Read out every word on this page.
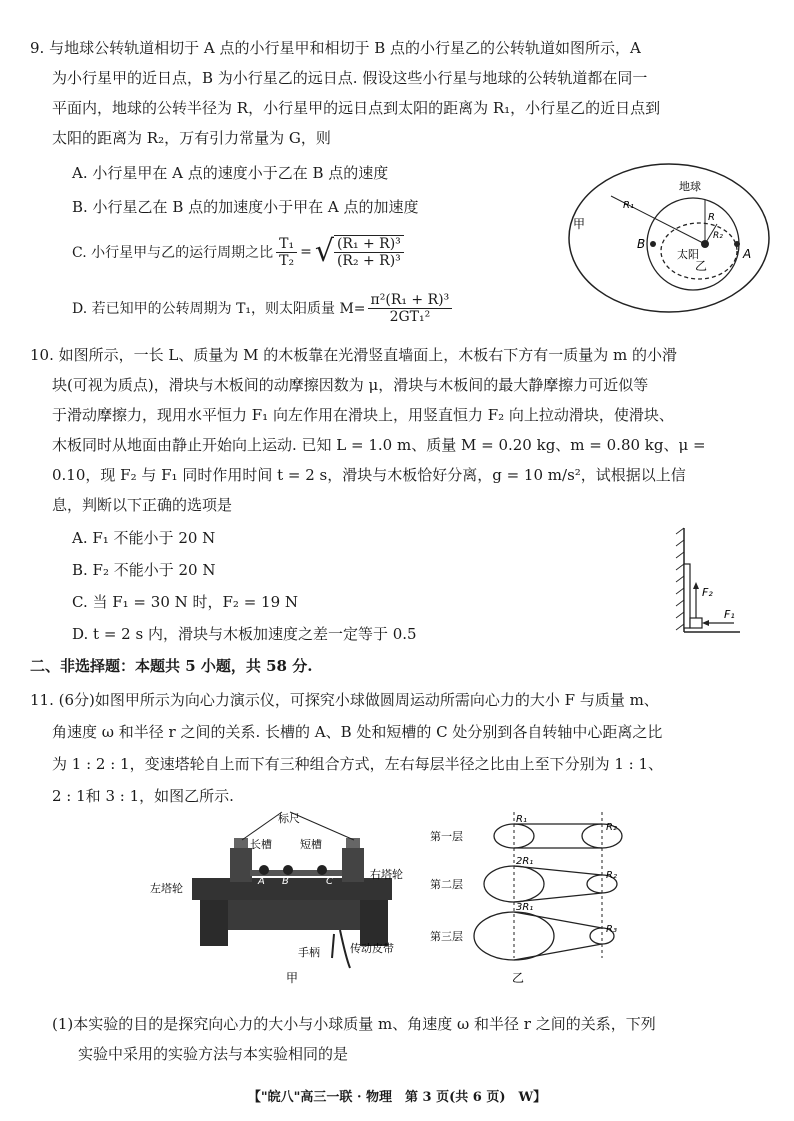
9. 与地球公转轨道相切于 A 点的小行星甲和相切于 B 点的小行星乙的公转轨道如图所示，A
为小行星甲的近日点，B 为小行星乙的远日点. 假设这些小行星与地球的公转轨道都在同一
平面内，地球的公转半径为 R，小行星甲的远日点到太阳的距离为 R₁，小行星乙的近日点到
太阳的距离为 R₂，万有引力常量为 G，则
A. 小行星甲在 A 点的速度小于乙在 B 点的速度
B. 小行星乙在 B 点的加速度小于甲在 A 点的加速度
C. 小行星甲与乙的运行周期之比 $\frac{\text{T₁}}{\text{T₂}}$ = √ $\frac{\text{(R₁ + R)³}}{\text{(R₂ + R)³}}$
D. 若已知甲的公转周期为 T₁，则太阳质量 $M= \frac{\text{π²(R₁ + R)³}}{\text{2GT₁²}}$
地球
甲
乙
太阳	A
B
R
R₁
R₂
10. 如图所示，一长 L、质量为 M 的木板靠在光滑竖直墙面上，木板右下方有一质量为 m 的小滑
块(可视为质点)，滑块与木板间的动摩擦因数为 μ，滑块与木板间的最大静摩擦力可近似等
于滑动摩擦力，现用水平恒力 F₁ 向左作用在滑块上，用竖直恒力 F₂ 向上拉动滑块，使滑块、
木板同时从地面由静止开始向上运动. 已知 L = 1.0 m、质量 M = 0.20 kg、m = 0.80 kg、μ =
0.10，现 F₂ 与 F₁ 同时作用时间 t = 2 s，滑块与木板恰好分离，g = 10 m/s²，试根据以上信
息，判断以下正确的选项是
A. F₁ 不能小于 20 N
B. F₂ 不能小于 20 N
C. 当 F₁ = 30 N 时，F₂ = 19 N
D. t = 2 s 内，滑块与木板加速度之差一定等于 0.5
F₂
F₁
二、非选择题：本题共 5 小题，共 58 分.
11. (6分)如图甲所示为向心力演示仪，可探究小球做圆周运动所需向心力的大小 F 与质量 m、
角速度 ω 和半径 r 之间的关系. 长槽的 A、B 处和短槽的 C 处分别到各自转轴中心距离之比
为 1 : 2 : 1，变速塔轮自上而下有三种组合方式，左右每层半径之比由上至下分别为 1 : 1、
2 : 1和 3 : 1，如图乙所示.
标尺
长槽	短槽
左塔轮
右塔轮
A B	C
手柄	传动皮带
甲
第一层
第二层
第三层
R₁
R₂
2R₁
R₂
3R₁
R₃
乙
(1)本实验的目的是探究向心力的大小与小球质量 m、角速度 ω 和半径 r 之间的关系，下列
实验中采用的实验方法与本实验相同的是
【"皖八"高三一联 · 物理　第 3 页(共 6 页)　W】
